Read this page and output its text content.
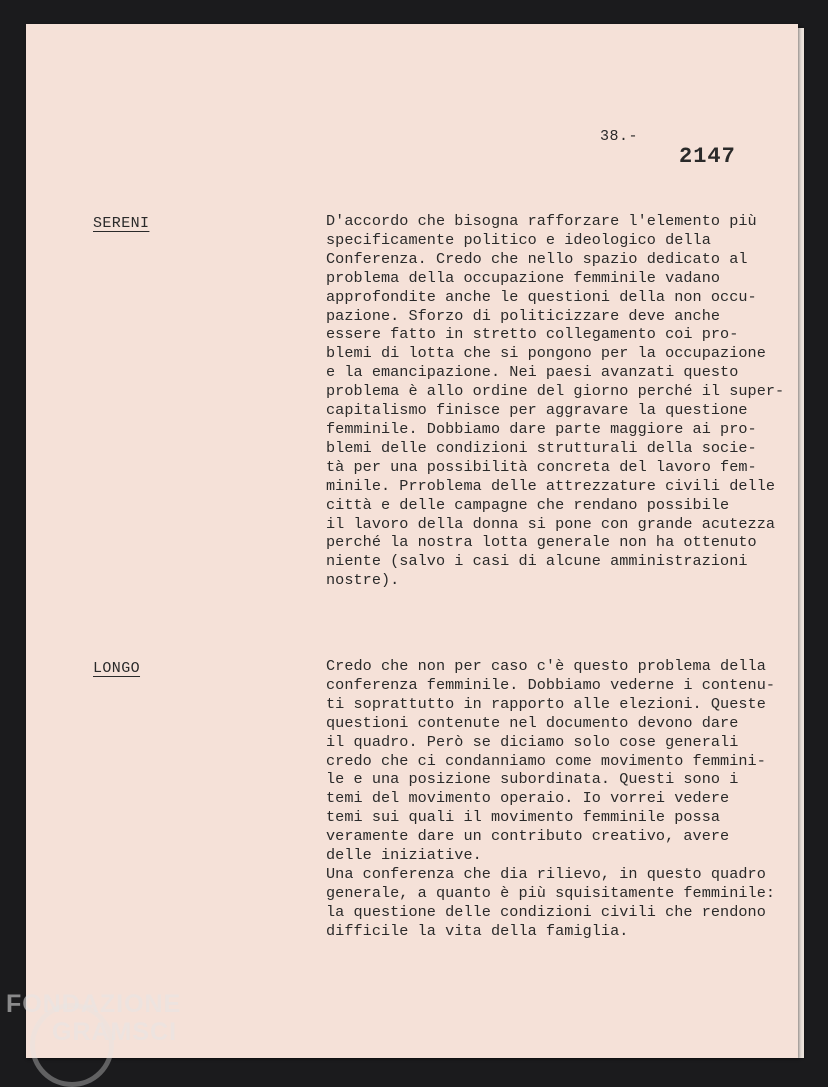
38.-
2147
SERENI	D'accordo che bisogna rafforzare l'elemento più

specificamente politico e ideologico della

Conferenza. Credo che nello spazio dedicato al

problema della occupazione femminile vadano

approfondite anche le questioni della non occu-

pazione. Sforzo di politicizzare deve anche

essere fatto in stretto collegamento coi pro-

blemi di lotta che si pongono per la occupazione

e la emancipazione. Nei paesi avanzati questo

problema è allo ordine del giorno perché il super-

capitalismo finisce per aggravare la questione

femminile. Dobbiamo dare parte maggiore ai pro-

blemi delle condizioni strutturali della socie-

tà per una possibilità concreta del lavoro fem-

minile. Prroblema delle attrezzature civili delle

città e delle campagne che rendano possibile

il lavoro della donna si pone con grande acutezza

perché la nostra lotta generale non ha ottenuto

niente (salvo i casi di alcune amministrazioni

nostre).

LONGO	Credo che non per caso c'è questo problema della

conferenza femminile. Dobbiamo vederne i contenu-

ti soprattutto in rapporto alle elezioni. Queste

questioni contenute nel documento devono dare

il quadro. Però se diciamo solo cose generali

credo che ci condanniamo come movimento femmini-

le e una posizione subordinata. Questi sono i

temi del movimento operaio. Io vorrei vedere

temi sui quali il movimento femminile possa

veramente dare un contributo creativo, avere

delle iniziative.

Una conferenza che dia rilievo, in questo quadro

generale, a quanto è più squisitamente femminile:

la questione delle condizioni civili che rendono

difficile la vita della famiglia.

FONDAZIONE
GRAMSCI
